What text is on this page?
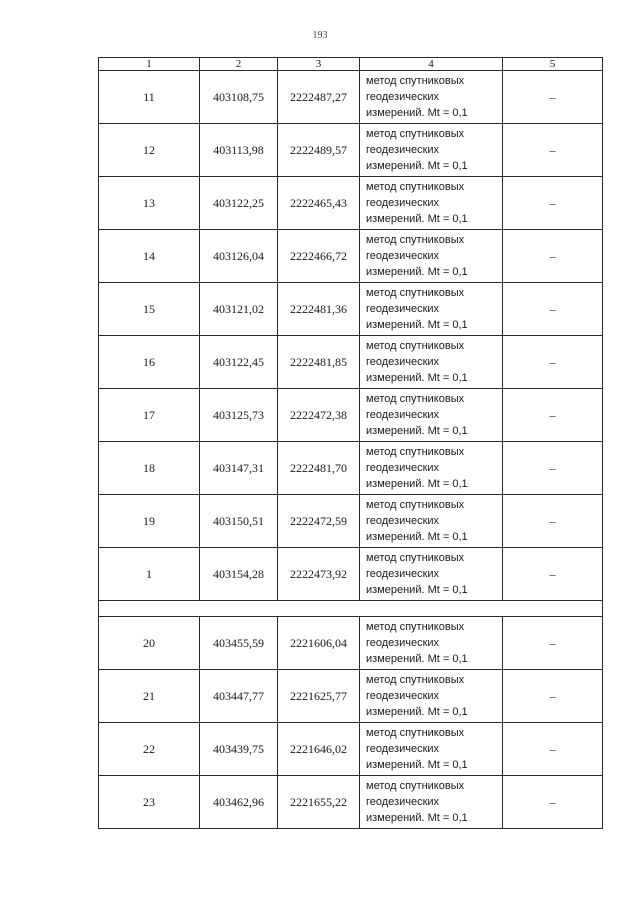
193
1	2	3	4	5
11	403108,75	2222487,27	метод спутниковых
геодезических
измерений. Mt = 0,1	–
12	403113,98	2222489,57	метод спутниковых
геодезических
измерений. Mt = 0,1	–
13	403122,25	2222465,43	метод спутниковых
геодезических
измерений. Mt = 0,1	–
14	403126,04	2222466,72	метод спутниковых
геодезических
измерений. Mt = 0,1	–
15	403121,02	2222481,36	метод спутниковых
геодезических
измерений. Mt = 0,1	–
16	403122,45	2222481,85	метод спутниковых
геодезических
измерений. Mt = 0,1	–
17	403125,73	2222472,38	метод спутниковых
геодезических
измерений. Mt = 0,1	–
18	403147,31	2222481,70	метод спутниковых
геодезических
измерений. Mt = 0,1	–
19	403150,51	2222472,59	метод спутниковых
геодезических
измерений. Mt = 0,1	–
1	403154,28	2222473,92	метод спутниковых
геодезических
измерений. Mt = 0,1	–

20	403455,59	2221606,04	метод спутниковых
геодезических
измерений. Mt = 0,1	–
21	403447,77	2221625,77	метод спутниковых
геодезических
измерений. Mt = 0,1	–
22	403439,75	2221646,02	метод спутниковых
геодезических
измерений. Mt = 0,1	–
23	403462,96	2221655,22	метод спутниковых
геодезических
измерений. Mt = 0,1	–
